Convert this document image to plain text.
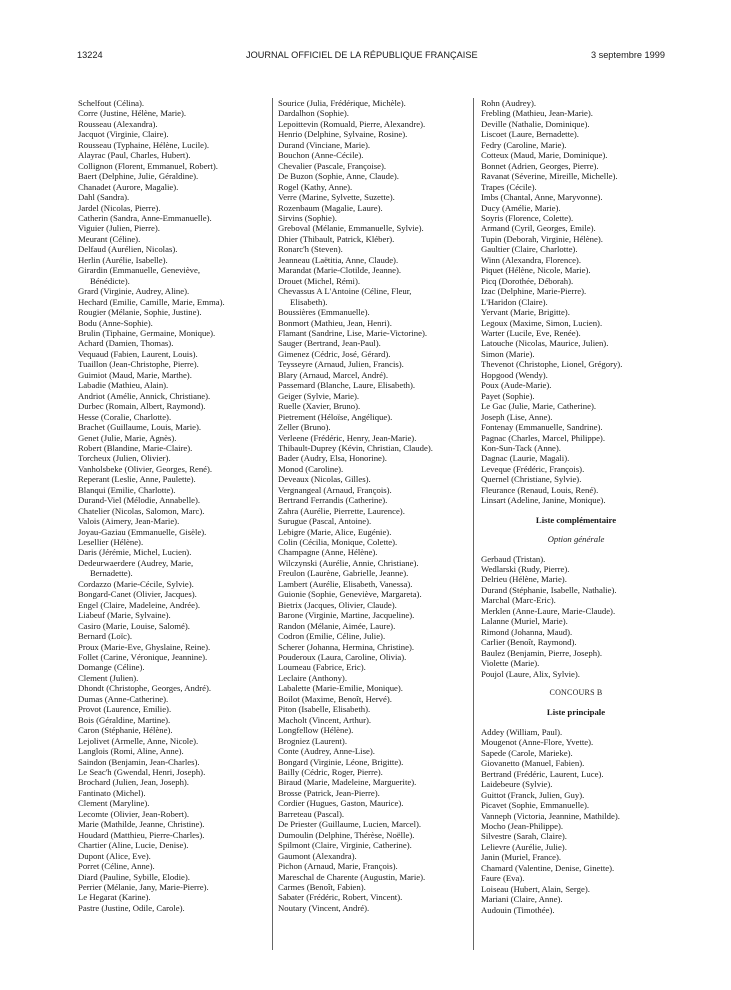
13224	JOURNAL OFFICIEL DE LA RÉPUBLIQUE FRANÇAISE	3 septembre 1999
Schelfout (Célina).
Corre (Justine, Hélène, Marie).
Rousseau (Alexandra).
Jacquot (Virginie, Claire).
Rousseau (Typhaine, Hélène, Lucile).
Alayrac (Paul, Charles, Hubert).
Collignon (Florent, Emmanuel, Robert).
Baert (Delphine, Julie, Géraldine).
Chanadet (Aurore, Magalie).
Dahl (Sandra).
Jardel (Nicolas, Pierre).
Catherin (Sandra, Anne-Emmanuelle).
Viguier (Julien, Pierre).
Meurant (Céline).
Delfaud (Aurélien, Nicolas).
Herlin (Aurélie, Isabelle).
Girardin (Emmanuelle, Geneviève,
Bénédicte).
Grard (Virginie, Audrey, Aline).
Hechard (Emilie, Camille, Marie, Emma).
Rougier (Mélanie, Sophie, Justine).
Bodu (Anne-Sophie).
Brulin (Tiphaine, Germaine, Monique).
Achard (Damien, Thomas).
Vequaud (Fabien, Laurent, Louis).
Tuaillon (Jean-Christophe, Pierre).
Guimiot (Maud, Marie, Marthe).
Labadie (Mathieu, Alain).
Andriot (Amélie, Annick, Christiane).
Durbec (Romain, Albert, Raymond).
Hesse (Coralie, Charlotte).
Brachet (Guillaume, Louis, Marie).
Genet (Julie, Marie, Agnès).
Robert (Blandine, Marie-Claire).
Torcheux (Julien, Olivier).
Vanholsbeke (Olivier, Georges, René).
Reperant (Leslie, Anne, Paulette).
Blanqui (Emilie, Charlotte).
Durand-Viel (Mélodie, Annabelle).
Chatelier (Nicolas, Salomon, Marc).
Valois (Aimery, Jean-Marie).
Joyau-Gaziau (Emmanuelle, Gisèle).
Lesellier (Hélène).
Daris (Jérémie, Michel, Lucien).
Dedeurwaerdere (Audrey, Marie,
Bernadette).
Cordazzo (Marie-Cécile, Sylvie).
Bongard-Canet (Olivier, Jacques).
Engel (Claire, Madeleine, Andrée).
Liabeuf (Marie, Sylvaine).
Casiro (Marie, Louise, Salomé).
Bernard (Loïc).
Proux (Marie-Eve, Ghyslaine, Reine).
Follet (Carine, Véronique, Jeannine).
Domange (Céline).
Clement (Julien).
Dhondt (Christophe, Georges, André).
Dumas (Anne-Catherine).
Provot (Laurence, Emilie).
Bois (Géraldine, Martine).
Caron (Stéphanie, Hélène).
Lejolivet (Armelle, Anne, Nicole).
Langlois (Romi, Aline, Anne).
Saindon (Benjamin, Jean-Charles).
Le Seac'h (Gwendal, Henri, Joseph).
Brochard (Julien, Jean, Joseph).
Fantinato (Michel).
Clement (Maryline).
Lecomte (Olivier, Jean-Robert).
Marie (Mathilde, Jeanne, Christine).
Houdard (Matthieu, Pierre-Charles).
Chartier (Aline, Lucie, Denise).
Dupont (Alice, Eve).
Porret (Céline, Anne).
Diard (Pauline, Sybille, Elodie).
Perrier (Mélanie, Jany, Marie-Pierre).
Le Hegarat (Karine).
Pastre (Justine, Odile, Carole).
Sourice (Julia, Frédérique, Michèle).
Dardalhon (Sophie).
Lepoittevin (Romuald, Pierre, Alexandre).
Henrio (Delphine, Sylvaine, Rosine).
Durand (Vinciane, Marie).
Bouchon (Anne-Cécile).
Chevalier (Pascale, Françoise).
De Buzon (Sophie, Anne, Claude).
Rogel (Kathy, Anne).
Verre (Marine, Sylvette, Suzette).
Rozenbaum (Magalie, Laure).
Sirvins (Sophie).
Greboval (Mélanie, Emmanuelle, Sylvie).
Dhier (Thibault, Patrick, Kléber).
Ronarc'h (Steven).
Jeanneau (Laëtitia, Anne, Claude).
Marandat (Marie-Clotilde, Jeanne).
Drouet (Michel, Rémi).
Chevassus A L'Antoine (Céline, Fleur,
Elisabeth).
Boussières (Emmanuelle).
Bonmort (Mathieu, Jean, Henri).
Flamant (Sandrine, Lise, Marie-Victorine).
Sauger (Bertrand, Jean-Paul).
Gimenez (Cédric, José, Gérard).
Teysseyre (Arnaud, Julien, Francis).
Blary (Arnaud, Marcel, André).
Passemard (Blanche, Laure, Elisabeth).
Geiger (Sylvie, Marie).
Ruelle (Xavier, Bruno).
Pietrement (Héloïse, Angélique).
Zeller (Bruno).
Verleene (Frédéric, Henry, Jean-Marie).
Thibault-Duprey (Kévin, Christian, Claude).
Bader (Audry, Elsa, Honorine).
Monod (Caroline).
Deveaux (Nicolas, Gilles).
Vergnangeal (Arnaud, François).
Bertrand Ferrandis (Catherine).
Zahra (Aurélie, Pierrette, Laurence).
Surugue (Pascal, Antoine).
Lebigre (Marie, Alice, Eugénie).
Colin (Cécilia, Monique, Colette).
Champagne (Anne, Hélène).
Wilczynski (Aurélie, Annie, Christiane).
Freulon (Laurène, Gabrielle, Jeanne).
Lambert (Aurélie, Elisabeth, Vanessa).
Guionie (Sophie, Geneviève, Margareta).
Bietrix (Jacques, Olivier, Claude).
Barone (Virginie, Martine, Jacqueline).
Randon (Mélanie, Aimée, Laure).
Codron (Emilie, Céline, Julie).
Scherer (Johanna, Hermina, Christine).
Pouderoux (Laura, Caroline, Olivia).
Loumeau (Fabrice, Eric).
Leclaire (Anthony).
Labalette (Marie-Emilie, Monique).
Boilot (Maxime, Benoît, Hervé).
Piton (Isabelle, Elisabeth).
Macholt (Vincent, Arthur).
Longfellow (Hélène).
Brogniez (Laurent).
Conte (Audrey, Anne-Lise).
Bongard (Virginie, Léone, Brigitte).
Bailly (Cédric, Roger, Pierre).
Biraud (Marie, Madeleine, Marguerite).
Brosse (Patrick, Jean-Pierre).
Cordier (Hugues, Gaston, Maurice).
Barreteau (Pascal).
De Priester (Guillaume, Lucien, Marcel).
Dumoulin (Delphine, Thérèse, Noëlle).
Spilmont (Claire, Virginie, Catherine).
Gaumont (Alexandra).
Pichon (Arnaud, Marie, François).
Mareschal de Charente (Augustin, Marie).
Carmes (Benoît, Fabien).
Sabater (Frédéric, Robert, Vincent).
Noutary (Vincent, André).
Rohn (Audrey).
Frebling (Mathieu, Jean-Marie).
Deville (Nathalie, Dominique).
Liscoet (Laure, Bernadette).
Fedry (Caroline, Marie).
Cotteux (Maud, Marie, Dominique).
Bonnet (Adrien, Georges, Pierre).
Ravanat (Séverine, Mireille, Michelle).
Trapes (Cécile).
Imbs (Chantal, Anne, Maryvonne).
Ducy (Amélie, Marie).
Soyris (Florence, Colette).
Armand (Cyril, Georges, Emile).
Tupin (Deborah, Virginie, Hélène).
Gaultier (Claire, Charlotte).
Winn (Alexandra, Florence).
Piquet (Hélène, Nicole, Marie).
Picq (Dorothée, Déborah).
Izac (Delphine, Marie-Pierre).
L'Haridon (Claire).
Yervant (Marie, Brigitte).
Legoux (Maxime, Simon, Lucien).
Warter (Lucile, Eve, Renée).
Latouche (Nicolas, Maurice, Julien).
Simon (Marie).
Thevenot (Christophe, Lionel, Grégory).
Hopgood (Wendy).
Poux (Aude-Marie).
Payet (Sophie).
Le Gac (Julie, Marie, Catherine).
Joseph (Lise, Anne).
Fontenay (Emmanuelle, Sandrine).
Pagnac (Charles, Marcel, Philippe).
Kon-Sun-Tack (Anne).
Dagnac (Laurie, Magali).
Leveque (Frédéric, François).
Quernel (Christiane, Sylvie).
Fleurance (Renaud, Louis, René).
Linsart (Adeline, Janine, Monique).
Liste complémentaire
Option générale
Gerbaud (Tristan).
Wedlarski (Rudy, Pierre).
Delrieu (Hélène, Marie).
Durand (Stéphanie, Isabelle, Nathalie).
Marchal (Marc-Eric).
Merklen (Anne-Laure, Marie-Claude).
Lalanne (Muriel, Marie).
Rimond (Johanna, Maud).
Carlier (Benoît, Raymond).
Baulez (Benjamin, Pierre, Joseph).
Violette (Marie).
Poujol (Laure, Alix, Sylvie).
CONCOURS B
Liste principale
Addey (William, Paul).
Mougenot (Anne-Flore, Yvette).
Sapede (Carole, Marieke).
Giovanetto (Manuel, Fabien).
Bertrand (Frédéric, Laurent, Luce).
Laidebeure (Sylvie).
Guittot (Franck, Julien, Guy).
Picavet (Sophie, Emmanuelle).
Vanneph (Victoria, Jeannine, Mathilde).
Mocho (Jean-Philippe).
Silvestre (Sarah, Claire).
Lelievre (Aurélie, Julie).
Janin (Muriel, France).
Chamard (Valentine, Denise, Ginette).
Faure (Eva).
Loiseau (Hubert, Alain, Serge).
Mariani (Claire, Anne).
Audouin (Timothée).
